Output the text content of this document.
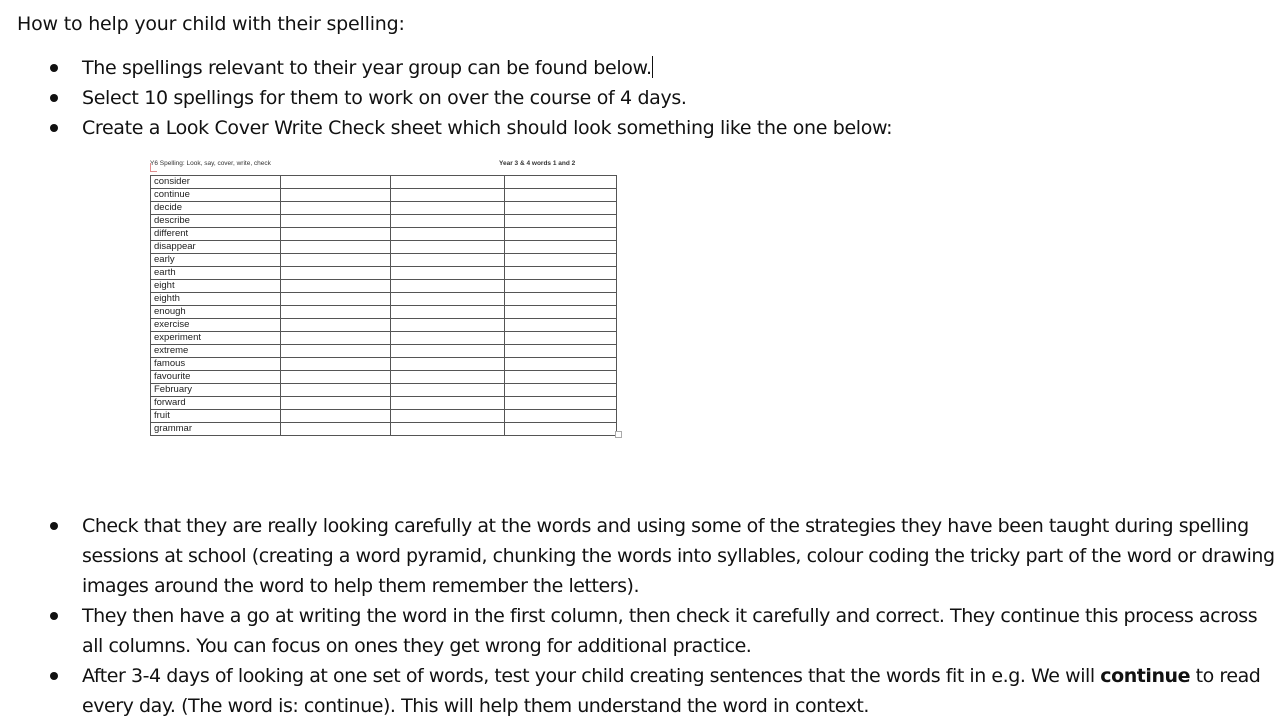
How to help your child with their spelling:
The spellings relevant to their year group can be found below.
Select 10 spellings for them to work on over the course of 4 days.
Create a Look Cover Write Check sheet which should look something like the one below:
Y6 Spelling: Look, say, cover, write, check	Year 3 & 4 words 1 and 2
consider			
continue			
decide			
describe			
different			
disappear			
early			
earth			
eight			
eighth			
enough			
exercise			
experiment			
extreme			
famous			
favourite			
February			
forward			
fruit			
grammar			
Check that they are really looking carefully at the words and using some of the strategies they have been taught during spelling sessions at school (creating a word pyramid, chunking the words into syllables, colour coding the tricky part of the word or drawing images around the word to help them remember the letters).
They then have a go at writing the word in the first column, then check it carefully and correct. They continue this process across all columns. You can focus on ones they get wrong for additional practice.
After 3-4 days of looking at one set of words, test your child creating sentences that the words fit in e.g. We will continue to read every day. (The word is: continue). This will help them understand the word in context.
